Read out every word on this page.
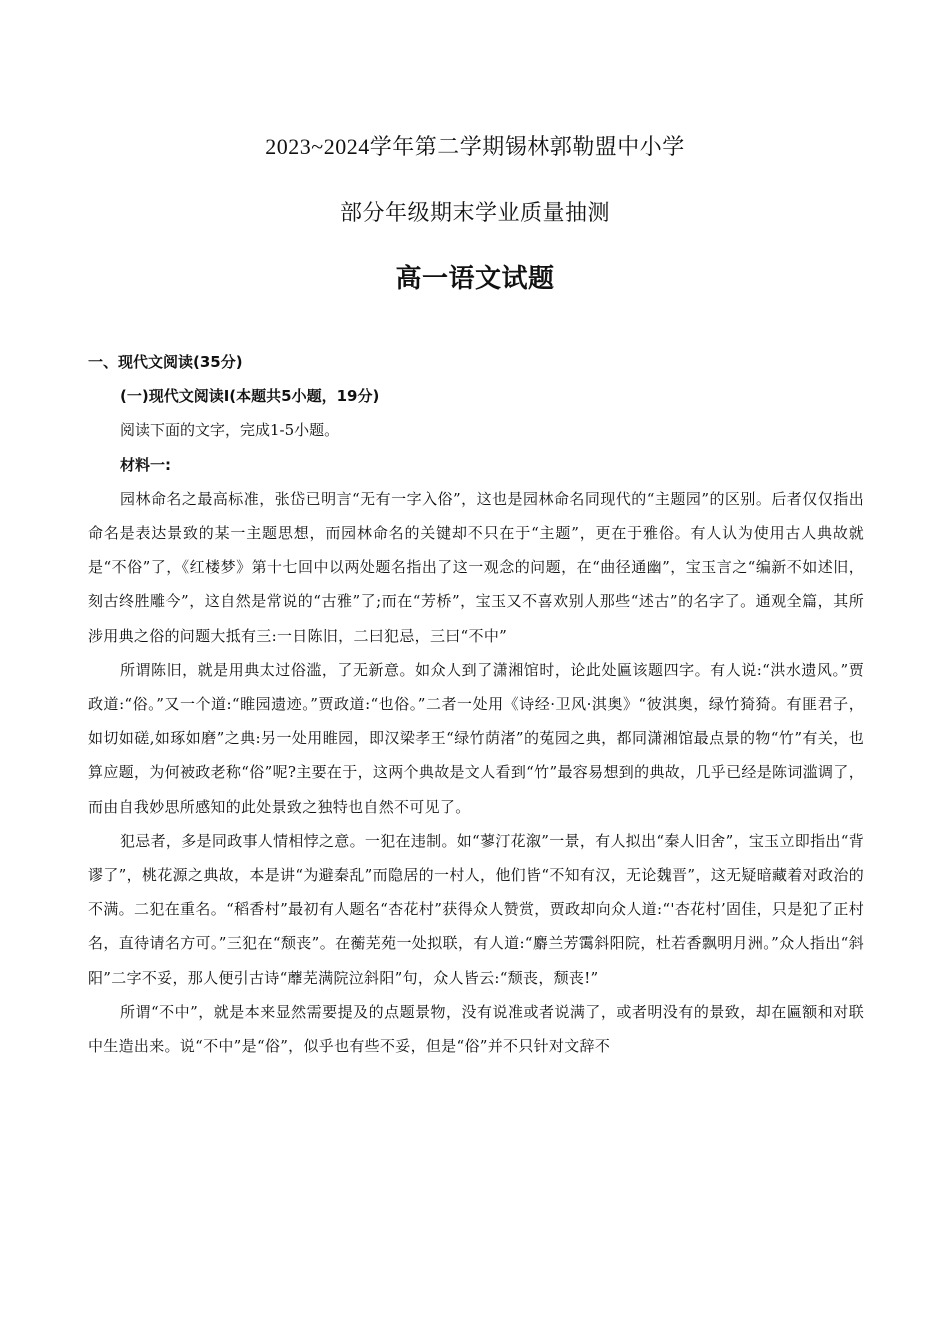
2023~2024学年第二学期锡林郭勒盟中小学
部分年级期末学业质量抽测
高一语文试题

一、现代文阅读(35分)

(一)现代文阅读I(本题共5小题，19分)

阅读下面的文字，完成1-5小题。

材料一:

园林命名之最高标准，张岱已明言“无有一字入俗”，这也是园林命名同现代的“主题园”的区别。后者仅仅指出命名是表达景致的某一主题思想，而园林命名的关键却不只在于“主题”，更在于雅俗。有人认为使用古人典故就是“不俗”了，《红楼梦》第十七回中以两处题名指出了这一观念的问题，在“曲径通幽”，宝玉言之“编新不如述旧，刻古终胜雕今”，这自然是常说的“古雅”了;而在“芳桥”，宝玉又不喜欢别人那些“述古”的名字了。通观全篇，其所涉用典之俗的问题大抵有三:一日陈旧，二曰犯忌，三曰“不中”

所谓陈旧，就是用典太过俗滥，了无新意。如众人到了潇湘馆时，论此处匾该题四字。有人说:“洪水遗风。”贾政道:“俗。”又一个道:“睢园遗迹。”贾政道:“也俗。”二者一处用《诗经·卫风·淇奥》“彼淇奥，绿竹猗猗。有匪君子，如切如磋,如琢如磨”之典:另一处用睢园，即汉梁孝王“绿竹荫渚”的菟园之典，都同潇湘馆最点景的物“竹”有关，也算应题，为何被政老称“俗”呢?主要在于，这两个典故是文人看到“竹”最容易想到的典故，几乎已经是陈词滥调了，而由自我妙思所感知的此处景致之独特也自然不可见了。

犯忌者，多是同政事人情相悖之意。一犯在违制。如“蓼汀花溆”一景，有人拟出“秦人旧舍”，宝玉立即指出“背谬了”，桃花源之典故，本是讲“为避秦乱”而隐居的一村人，他们皆“不知有汉，无论魏晋”，这无疑暗藏着对政治的不满。二犯在重名。“稻香村”最初有人题名“杏花村”获得众人赞赏，贾政却向众人道:“'杏花村’固佳，只是犯了正村名，直待请名方可。”三犯在“颓丧”。在蘅芜苑一处拟联，有人道:“麝兰芳霭斜阳院，杜若香飘明月洲。”众人指出“斜阳”二字不妥，那人便引古诗“蘼芜满院泣斜阳”句，众人皆云:“颓丧，颓丧!”

所谓“不中”，就是本来显然需要提及的点题景物，没有说准或者说满了，或者明没有的景致，却在匾额和对联中生造出来。说“不中”是“俗”，似乎也有些不妥，但是“俗”并不只针对文辞不
